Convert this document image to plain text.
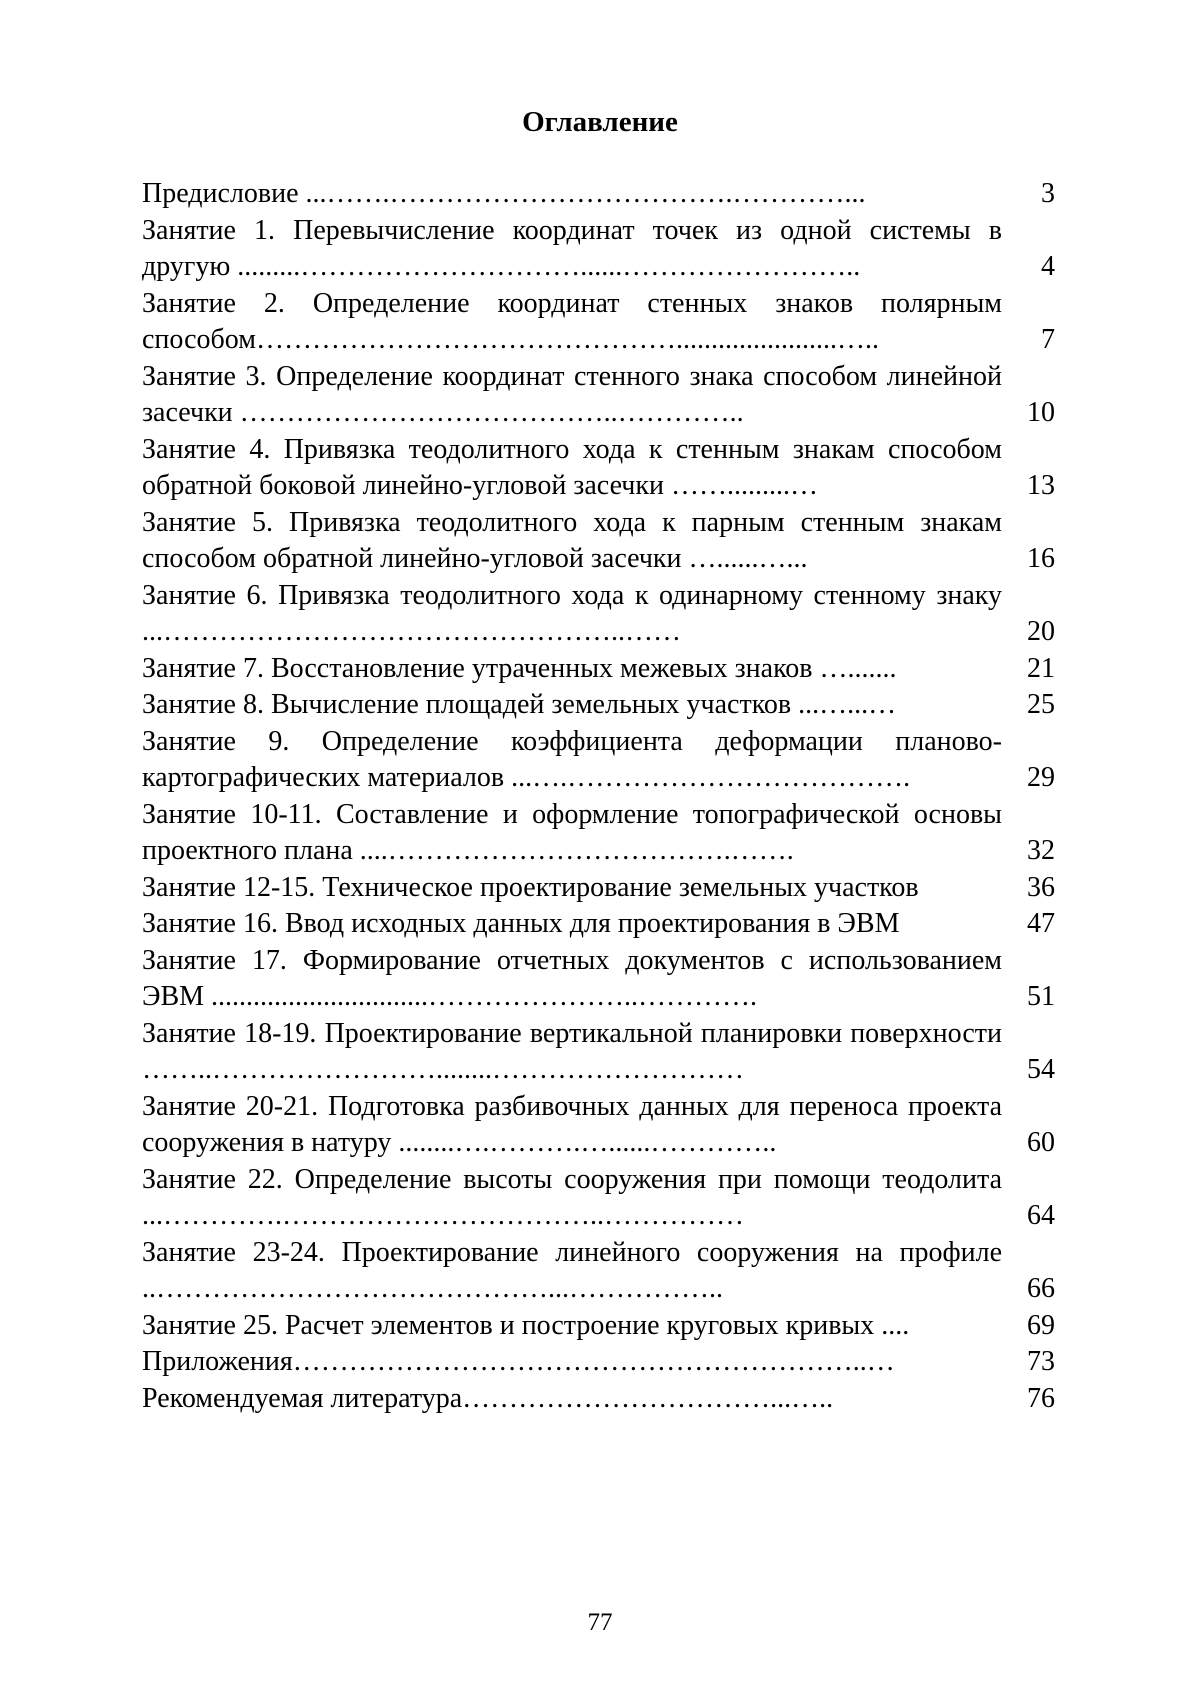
Оглавление
Предисловие ...…….……………………………….…………...	3
Занятие 1. Перевычисление координат точек из одной системы в другую .........…………………………......……………………..	4
Занятие 2. Определение координат стенных знаков полярным способом……………………………………….......................…..	7
Занятие 3. Определение координат стенного знака способом линейной засечки …………………………………..…………..	10
Занятие 4. Привязка теодолитного хода к стенным знакам способом обратной боковой линейно-угловой засечки …….........…	13
Занятие 5. Привязка теодолитного хода к парным стенным знакам способом обратной линейно-угловой засечки …......…...	16
Занятие 6. Привязка теодолитного хода к одинарному стенному знаку ...…………………………………………..……	20
Занятие 7. Восстановление утраченных межевых знаков ….......	21
Занятие 8. Вычисление площадей земельных участков ...…...…	25
Занятие 9. Определение коэффициента деформации планово-картографических материалов ...….……………………………….	29
Занятие 10-11. Составление и оформление топографической основы проектного плана ....……………………………….…….	32
Занятие 12-15. Техническое проектирование земельных участков	36
Занятие 16. Ввод исходных данных для проектирования в ЭВМ	47
Занятие 17. Формирование отчетных документов с использованием ЭВМ ...............................…………………..………….	51
Занятие 18-19. Проектирование вертикальной планировки поверхности ……..……………………........………………………	54
Занятие 20-21. Подготовка разбивочных данных для переноса проекта сооружения в натуру ........….……….…......…………..	60
Занятие 22. Определение высоты сооружения при помощи теодолита ...………….……………………………..……………	64
Занятие 23-24. Проектирование линейного сооружения на профиле ..……………………………………...……………..	66
Занятие 25. Расчет элементов и построение круговых кривых ....	69
Приложения……………………………………………………..…	73
Рекомендуемая литература……………………………...…..	76
77
